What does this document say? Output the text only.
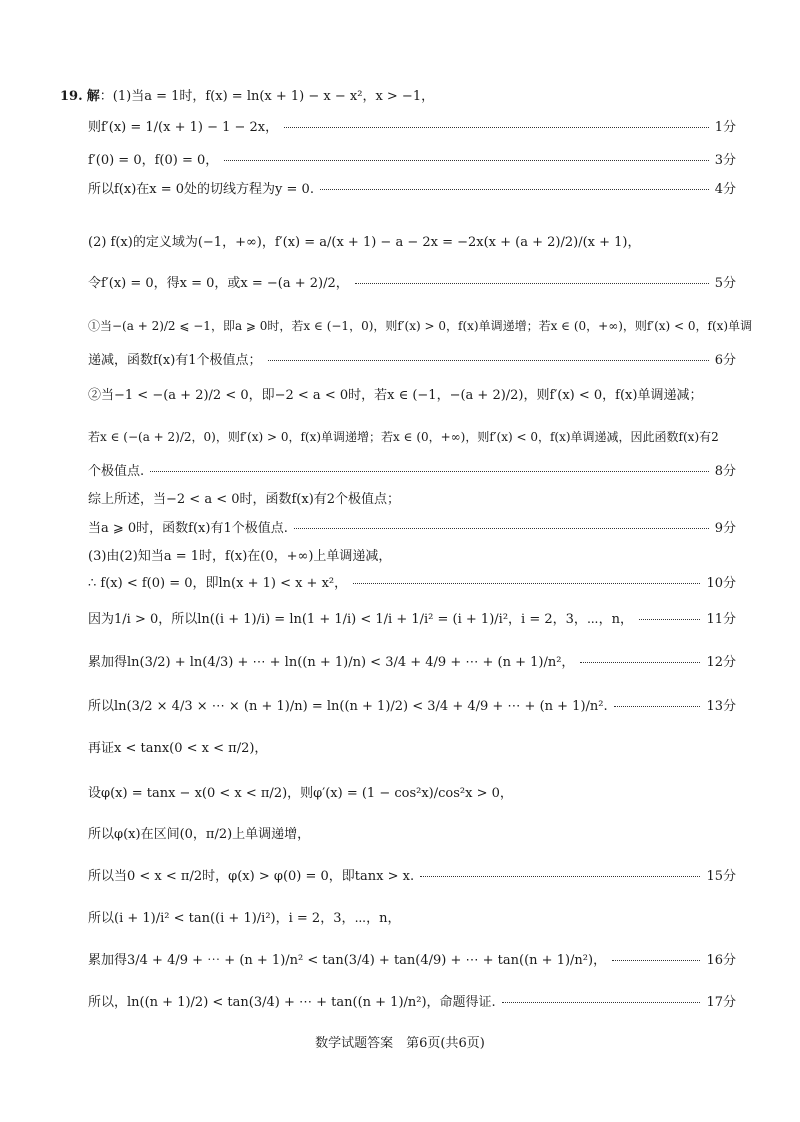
19. 解：(1)当a = 1时，f(x) = ln(x + 1) − x − x²，x > −1，
则f′(x) = 1/(x + 1) − 1 − 2x，	1分
f′(0) = 0，f(0) = 0，	3分
所以f(x)在x = 0处的切线方程为y = 0.	4分
(2) f(x)的定义域为(−1，+∞)，f′(x) = a/(x + 1) − a − 2x = −2x(x + (a + 2)/2)/(x + 1)，
令f′(x) = 0，得x = 0，或x = −(a + 2)/2，	5分
①当−(a + 2)/2 ⩽ −1，即a ⩾ 0时，若x ∈ (−1，0)，则f′(x) > 0，f(x)单调递增；若x ∈ (0，+∞)，则f′(x) < 0，f(x)单调
递减，函数f(x)有1个极值点；	6分
②当−1 < −(a + 2)/2 < 0，即−2 < a < 0时，若x ∈ (−1，−(a + 2)/2)，则f′(x) < 0，f(x)单调递减；
若x ∈ (−(a + 2)/2，0)，则f′(x) > 0，f(x)单调递增；若x ∈ (0，+∞)，则f′(x) < 0，f(x)单调递减，因此函数f(x)有2
个极值点.	8分
综上所述，当−2 < a < 0时，函数f(x)有2个极值点；
当a ⩾ 0时，函数f(x)有1个极值点.	9分
(3)由(2)知当a = 1时，f(x)在(0，+∞)上单调递减，
∴ f(x) < f(0) = 0，即ln(x + 1) < x + x²，	10分
因为1/i > 0，所以ln((i + 1)/i) = ln(1 + 1/i) < 1/i + 1/i² = (i + 1)/i²，i = 2，3，⋯，n，	11分
累加得ln(3/2) + ln(4/3) + ⋯ + ln((n + 1)/n) < 3/4 + 4/9 + ⋯ + (n + 1)/n²，	12分
所以ln(3/2 × 4/3 × ⋯ × (n + 1)/n) = ln((n + 1)/2) < 3/4 + 4/9 + ⋯ + (n + 1)/n².	13分
再证x < tanx(0 < x < π/2)，
设φ(x) = tanx − x(0 < x < π/2)，则φ′(x) = (1 − cos²x)/cos²x > 0，
所以φ(x)在区间(0，π/2)上单调递增，
所以当0 < x < π/2时，φ(x) > φ(0) = 0，即tanx > x.	15分
所以(i + 1)/i² < tan((i + 1)/i²)，i = 2，3，⋯，n，
累加得3/4 + 4/9 + ⋯ + (n + 1)/n² < tan(3/4) + tan(4/9) + ⋯ + tan((n + 1)/n²)，	16分
所以，ln((n + 1)/2) < tan(3/4) + ⋯ + tan((n + 1)/n²)，命题得证.	17分
数学试题答案　第6页(共6页)
